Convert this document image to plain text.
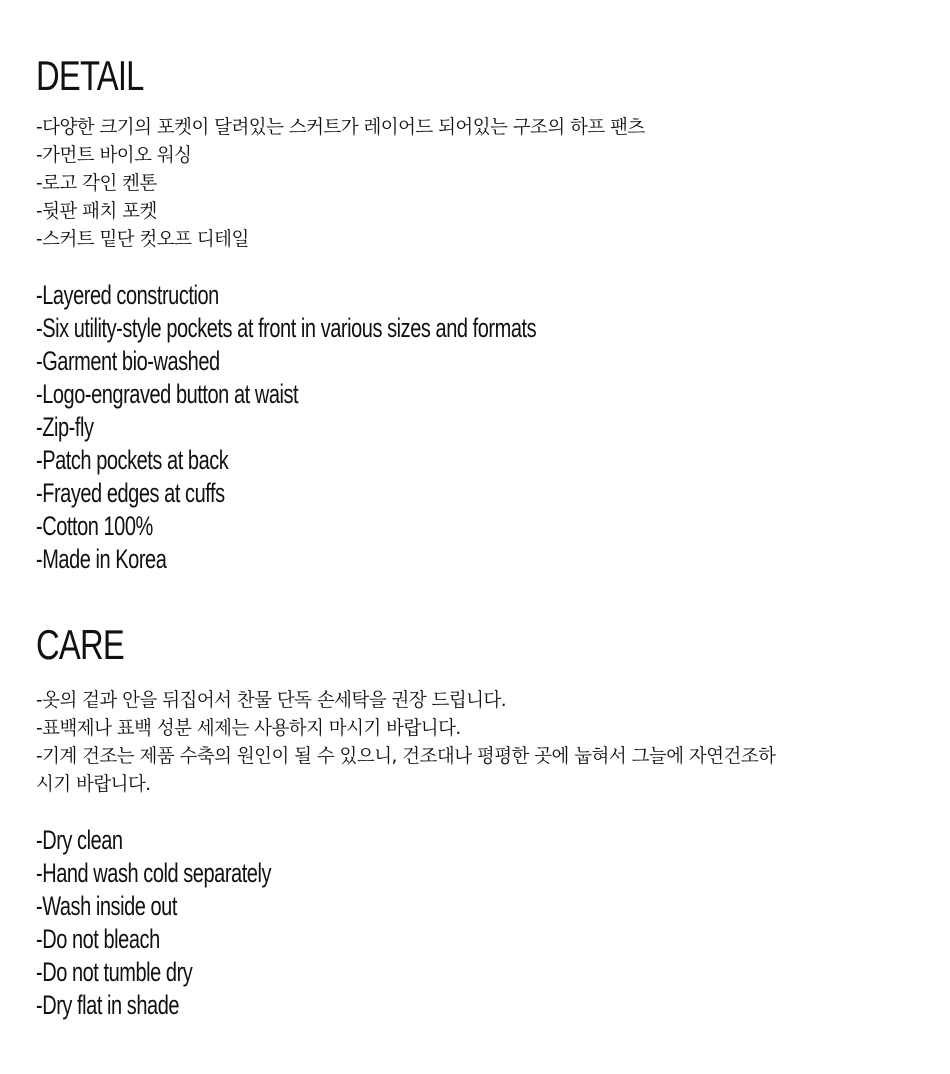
DETAIL
-다양한 크기의 포켓이 달려있는 스커트가 레이어드 되어있는 구조의 하프 팬츠
-가먼트 바이오 워싱
-로고 각인 켄톤
-뒷판 패치 포켓
-스커트 밑단 컷오프 디테일
-Layered construction
-Six utility-style pockets at front in various sizes and formats
-Garment bio-washed
-Logo-engraved button at waist
-Zip-fly
-Patch pockets at back
-Frayed edges at cuffs
-Cotton 100%
-Made in Korea
CARE
-옷의 겉과 안을 뒤집어서 찬물 단독 손세탁을 권장 드립니다.
-표백제나 표백 성분 세제는 사용하지 마시기 바랍니다.
-기계 건조는 제품 수축의 원인이 될 수 있으니, 건조대나 평평한 곳에 눕혀서 그늘에 자연건조하시기 바랍니다.
-Dry clean
-Hand wash cold separately
-Wash inside out
-Do not bleach
-Do not tumble dry
-Dry flat in shade
